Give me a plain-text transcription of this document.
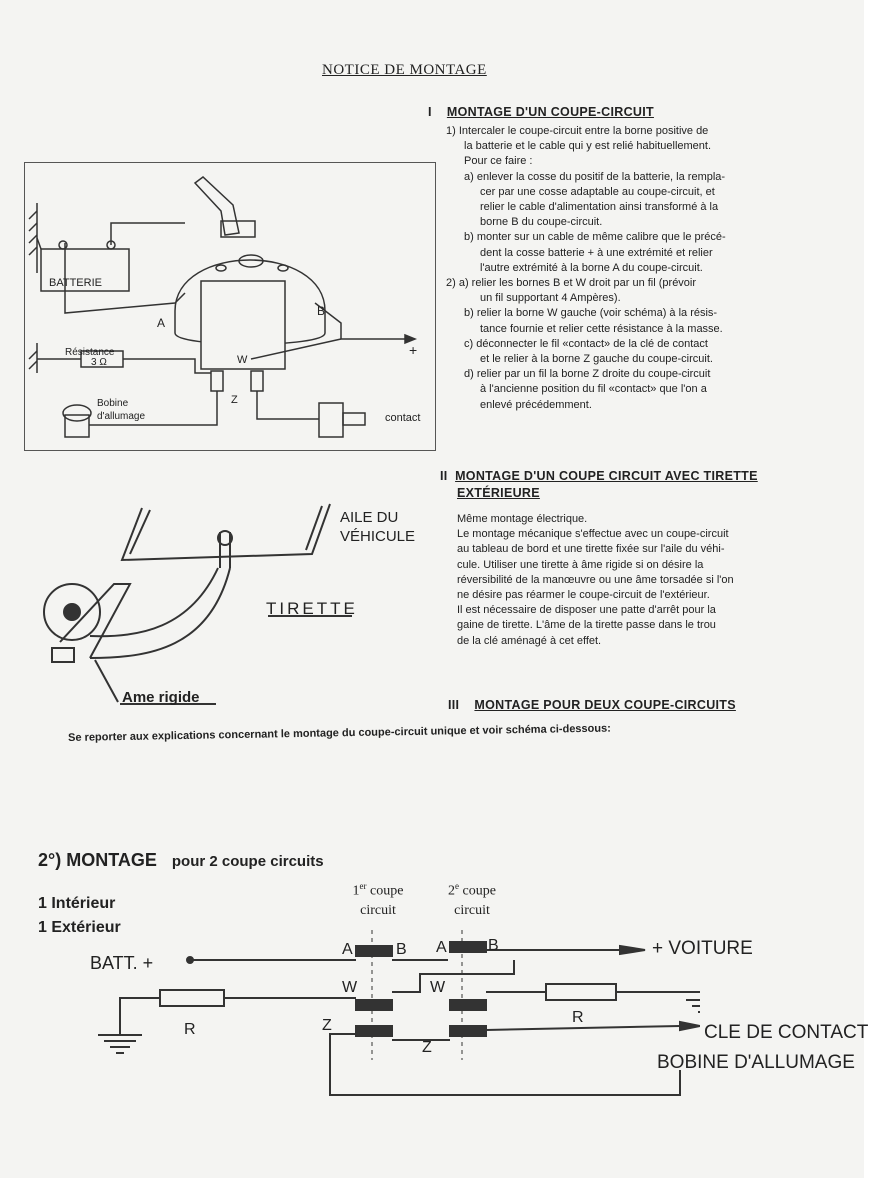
NOTICE DE MONTAGE
I MONTAGE D'UN COUPE-CIRCUIT
1) Intercaler le coupe-circuit entre la borne positive de
la batterie et le cable qui y est relié habituellement.
Pour ce faire :
a) enlever la cosse du positif de la batterie, la rempla-
cer par une cosse adaptable au coupe-circuit, et
relier le cable d'alimentation ainsi transformé à la
borne B du coupe-circuit.
b) monter sur un cable de même calibre que le précé-
dent la cosse batterie + à une extrémité et relier
l'autre extrémité à la borne A du coupe-circuit.
2) a) relier les bornes B et W droit par un fil (prévoir
un fil supportant 4 Ampères).
b) relier la borne W gauche (voir schéma) à la résis-
tance fournie et relier cette résistance à la masse.
c) déconnecter le fil «contact» de la clé de contact
et le relier à la borne Z gauche du coupe-circuit.
d) relier par un fil la borne Z droite du coupe-circuit
à l'ancienne position du fil «contact» que l'on a
enlevé précédemment.
BATTERIE
Résistance
3 Ω
Bobine
d'allumage	contact
A
B
W
Z
+
II MONTAGE D'UN COUPE CIRCUIT AVEC TIRETTE
EXTÉRIEURE
Même montage électrique.
Le montage mécanique s'effectue avec un coupe-circuit
au tableau de bord et une tirette fixée sur l'aile du véhi-
cule. Utiliser une tirette à âme rigide si on désire la
réversibilité de la manœuvre ou une âme torsadée si l'on
ne désire pas réarmer le coupe-circuit de l'extérieur.
Il est nécessaire de disposer une patte d'arrêt pour la
gaine de tirette. L'âme de la tirette passe dans le trou
de la clé aménagé à cet effet.
AILE DU
VÉHICULE
TIRETTE
Ame rigide	III MONTAGE POUR DEUX COUPE-CIRCUITS
Se reporter aux explications concernant le montage du coupe-circuit unique et voir schéma ci-dessous:
2°) MONTAGE pour 2 coupe circuits
1 Intérieur
1 Extérieur
1er coupe
circuit
2e coupe
circuit
BATT. +
+ VOITURE
CLE DE CONTACT
BOBINE D'ALLUMAGE
A	B A	B
W	W
Z
Z
R
R
